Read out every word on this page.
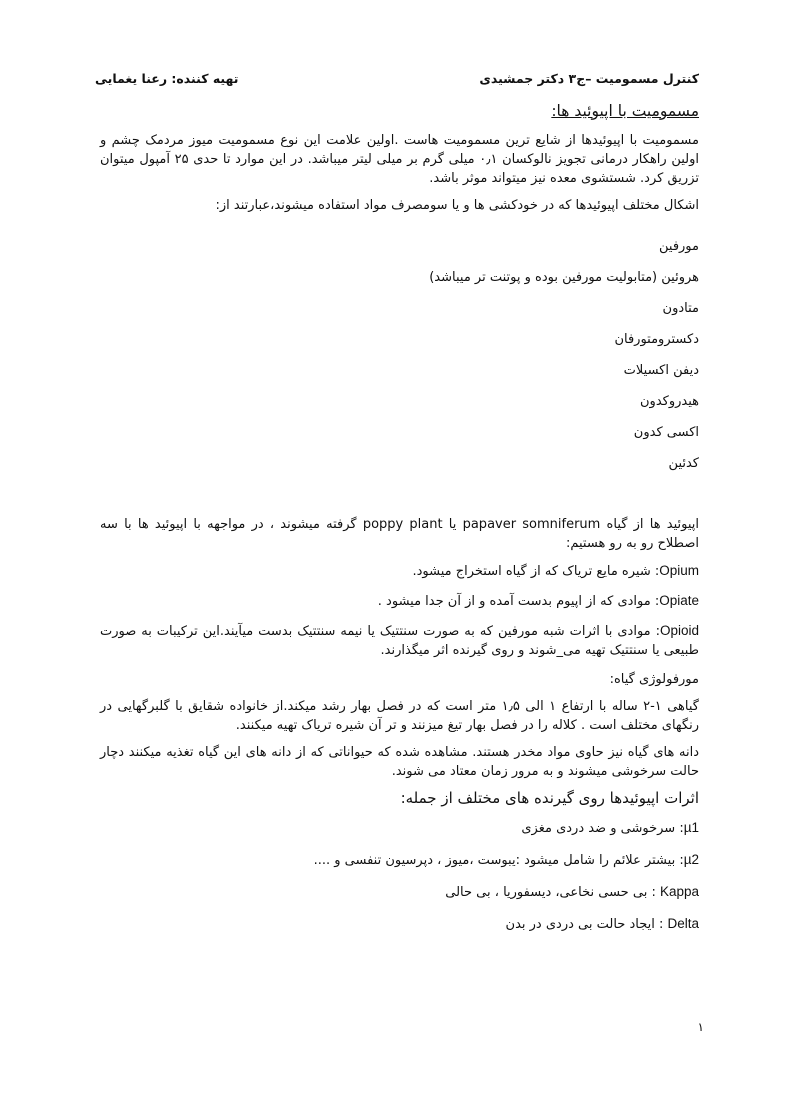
کنترل مسمومیت –ج۳ دکتر جمشیدی
تهیه کننده: رعنا یغمایی

مسمومیت با اپیوئید ها:

مسمومیت با اپیوئیدها از شایع ترین مسمومیت هاست .اولین علامت این نوع مسمومیت میوز مردمک چشم و اولین راهکار درمانی تجویز نالوکسان ۰٫۱ میلی گرم بر میلی لیتر میباشد. در این موارد تا حدی ۲۵ آمپول میتوان تزریق کرد. شستشوی معده نیز میتواند موثر باشد.

اشکال مختلف اپیوئیدها که در خودکشی ها و یا سومصرف مواد استفاده میشوند،عبارتند از:

مورفین

هروئین (متابولیت مورفین بوده و پوتنت تر میباشد)

متادون

دکسترومتورفان

دیفن اکسیلات

هیدروکدون

اکسی کدون

کدئین

اپیوئید ها از گیاه papaver somniferum یا poppy plant گرفته میشوند ، در مواجهه با اپیوئید ها با سه اصطلاح رو به رو هستیم:

Opium: شیره مایع تریاک که از گیاه استخراج میشود.

Opiate: موادی که از اپیوم بدست آمده و از آن جدا میشود .

Opioid: موادی با اثرات شبه مورفین که به صورت سنتتیک یا نیمه سنتتیک بدست میآیند.این ترکیبات به صورت طبیعی یا سنتتیک تهیه می_شوند و روی گیرنده اثر میگذارند.

مورفولوژی گیاه:

گیاهی ۱-۲ ساله با ارتفاع ۱ الی ۱٫۵ متر است که در فصل بهار رشد میکند.از خانواده شقایق با گلبرگهایی در رنگهای مختلف است . کلاله را در فصل بهار تیغ میزنند و تر آن شیره تریاک تهیه میکنند.

دانه های گیاه نیز حاوی مواد مخدر هستند. مشاهده شده که حیواناتی که از دانه های این گیاه تغذیه میکنند دچار حالت سرخوشی میشوند و به مرور زمان معتاد می شوند.

اثرات اپیوئیدها روی گیرنده های مختلف از جمله:

µ1: سرخوشی و ضد دردی مغزی

µ2: بیشتر علائم را شامل میشود :یبوست ،میوز ، دپرسیون تنفسی و ....

Kappa : بی حسی نخاعی، دیسفوریا ، بی حالی

Delta : ایجاد حالت بی دردی در بدن

۱
